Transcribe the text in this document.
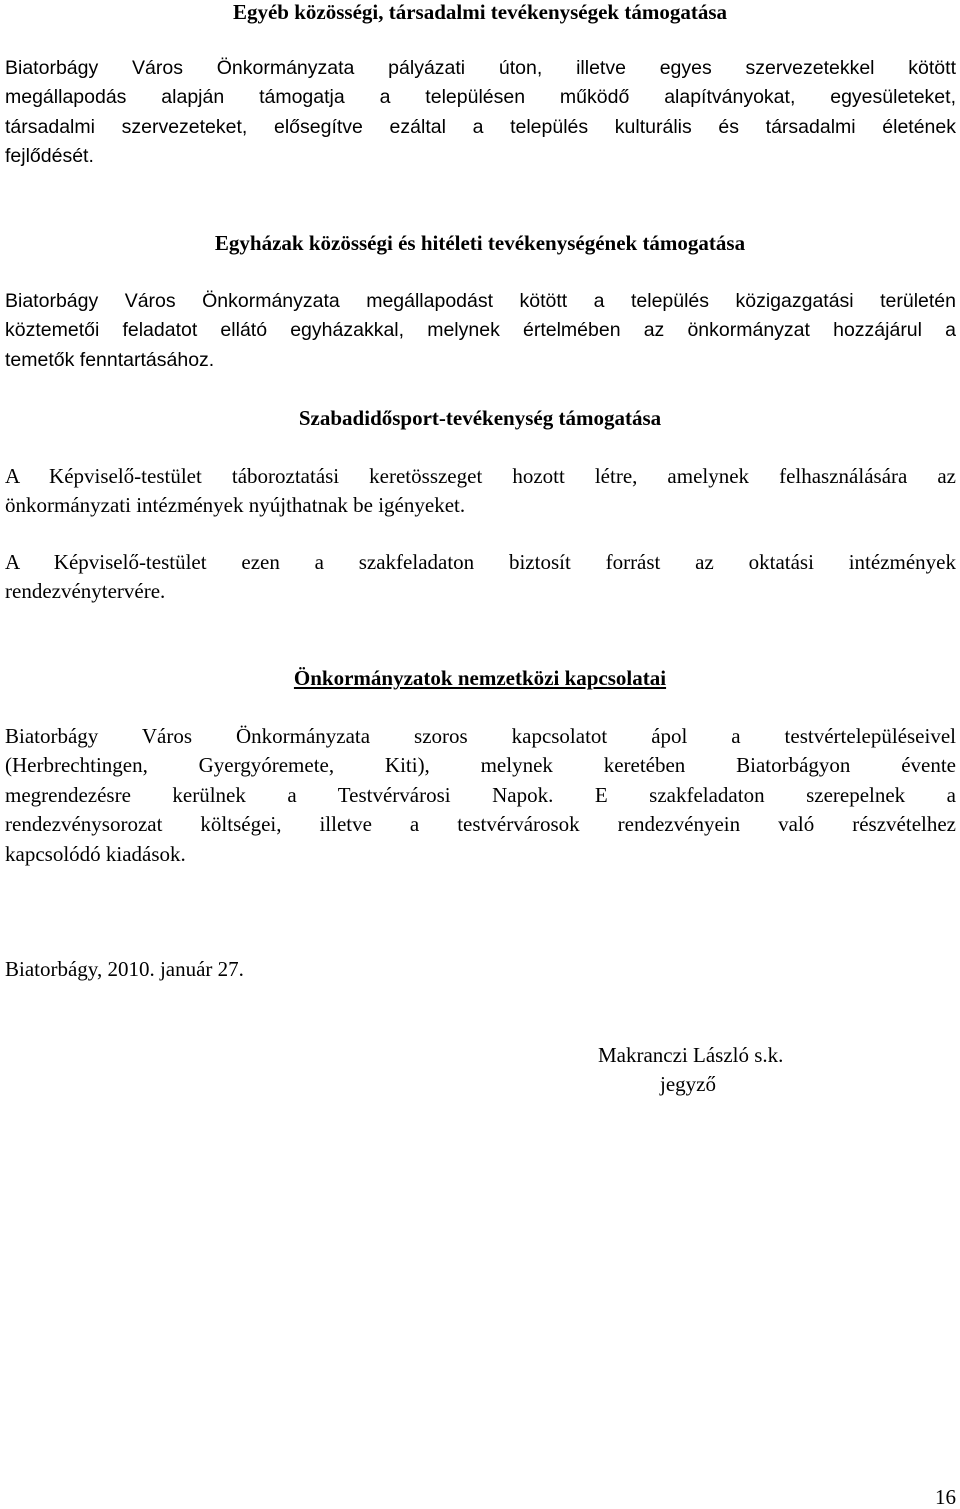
Egyéb közösségi, társadalmi tevékenységek támogatása
Biatorbágy Város Önkormányzata pályázati úton, illetve egyes szervezetekkel kötött
megállapodás alapján támogatja a településen működő alapítványokat, egyesületeket,
társadalmi szervezeteket, elősegítve ezáltal a település kulturális és társadalmi életének
fejlődését.
Egyházak közösségi és hitéleti tevékenységének támogatása
Biatorbágy Város Önkormányzata megállapodást kötött a település közigazgatási területén
köztemetői feladatot ellátó egyházakkal, melynek értelmében az önkormányzat hozzájárul a
temetők fenntartásához.
Szabadidősport-tevékenység támogatása
A Képviselő-testület táboroztatási keretösszeget hozott létre, amelynek felhasználására az
önkormányzati intézmények nyújthatnak be igényeket.
A Képviselő-testület ezen a szakfeladaton biztosít forrást az oktatási intézmények
rendezvénytervére.
Önkormányzatok nemzetközi kapcsolatai
Biatorbágy Város Önkormányzata szoros kapcsolatot ápol a testvértelepüléseivel
(Herbrechtingen, Gyergyóremete, Kiti), melynek keretében Biatorbágyon évente
megrendezésre kerülnek a Testvérvárosi Napok. E szakfeladaton szerepelnek a
rendezvénysorozat költségei, illetve a testvérvárosok rendezvényein való részvételhez
kapcsolódó kiadások.

Biatorbágy, 2010. január 27.

Makranczi László s.k.

jegyző

16
